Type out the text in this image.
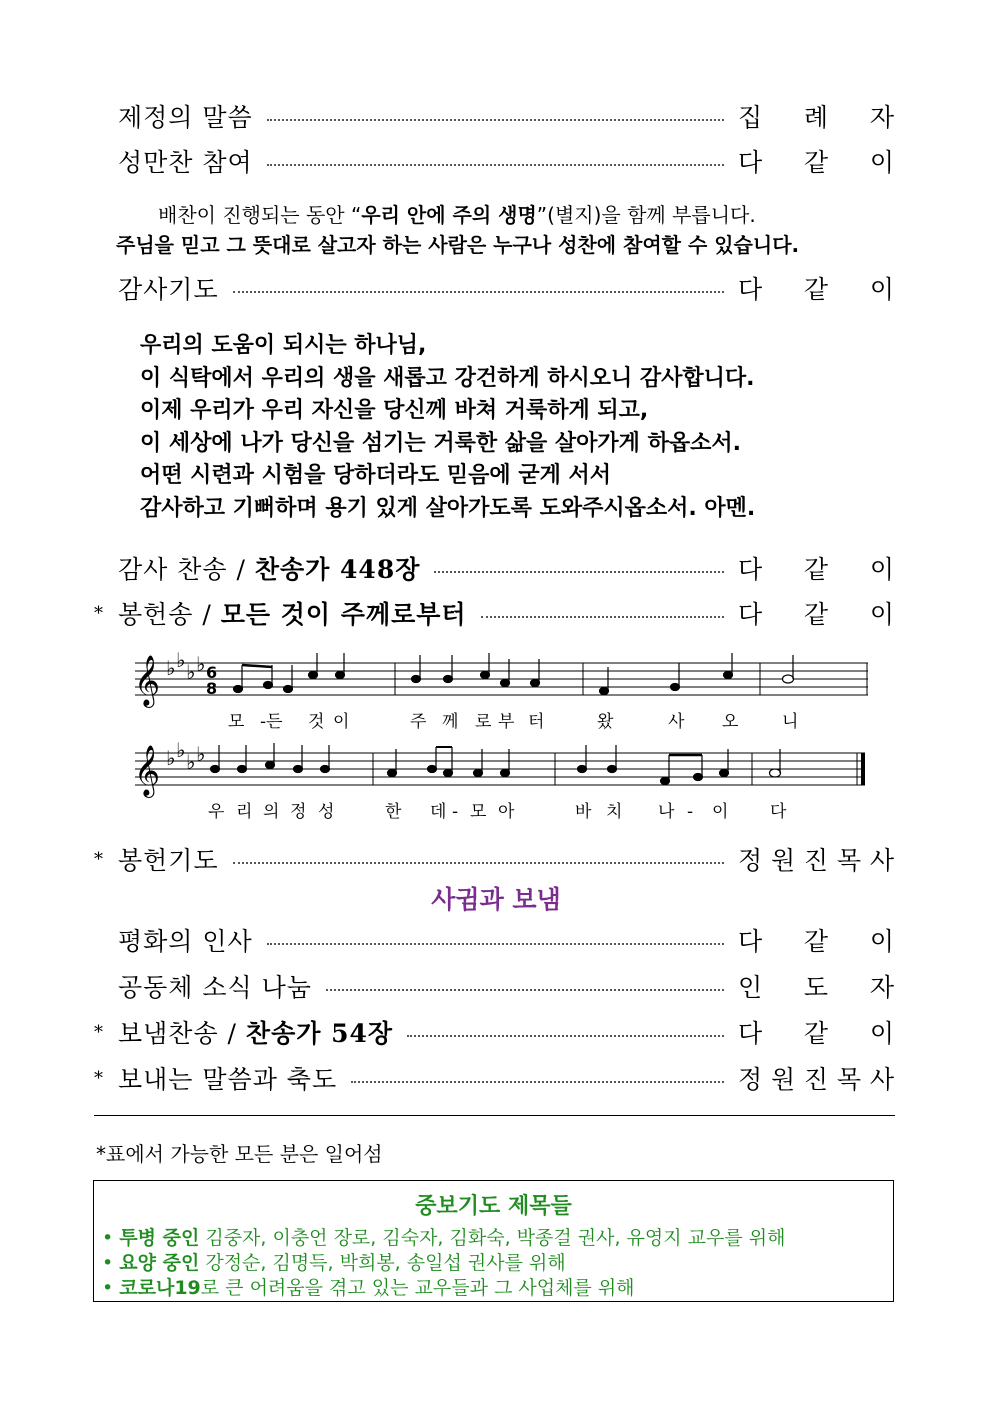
제정의 말씀	집 례 자
성만찬 참여	다 같 이
배찬이 진행되는 동안 “우리 안에 주의 생명”(별지)을 함께 부릅니다.
주님을 믿고 그 뜻대로 살고자 하는 사람은 누구나 성찬에 참여할 수 있습니다.
감사기도	다 같 이
우리의 도움이 되시는 하나님,
이 식탁에서 우리의 생을 새롭고 강건하게 하시오니 감사합니다.
이제 우리가 우리 자신을 당신께 바쳐 거룩하게 되고,
이 세상에 나가 당신을 섬기는 거룩한 삶을 살아가게 하옵소서.
어떤 시련과 시험을 당하더라도 믿음에 굳게 서서
감사하고 기뻐하며 용기 있게 살아가도록 도와주시옵소서. 아멘.
감사 찬송 / 찬송가 448장	다 같 이
* 봉헌송 / 모든 것이 주께로부터	다 같 이
𝄞 ♭ ♭ ♭ ♭ 6
8
모 -든 것 이	주 께 로 부 터	왔	사 오	니
𝄞 ♭ ♭ ♭ ♭
우 리 의 정 성	한 데 - 모 아	바 치 나 - 이 다
* 봉헌기도	정 원 진 목 사
사귐과 보냄
평화의 인사	다 같 이
공동체 소식 나눔	인 도 자
* 보냄찬송 / 찬송가 54장	다 같 이
* 보내는 말씀과 축도	정 원 진 목 사
*표에서 가능한 모든 분은 일어섬
중보기도 제목들
• 투병 중인 김중자, 이충언 장로, 김숙자, 김화숙, 박종걸 권사, 유영지 교우를 위해
• 요양 중인 강정순, 김명득, 박희봉, 송일섭 권사를 위해
• 코로나19로 큰 어려움을 겪고 있는 교우들과 그 사업체를 위해
